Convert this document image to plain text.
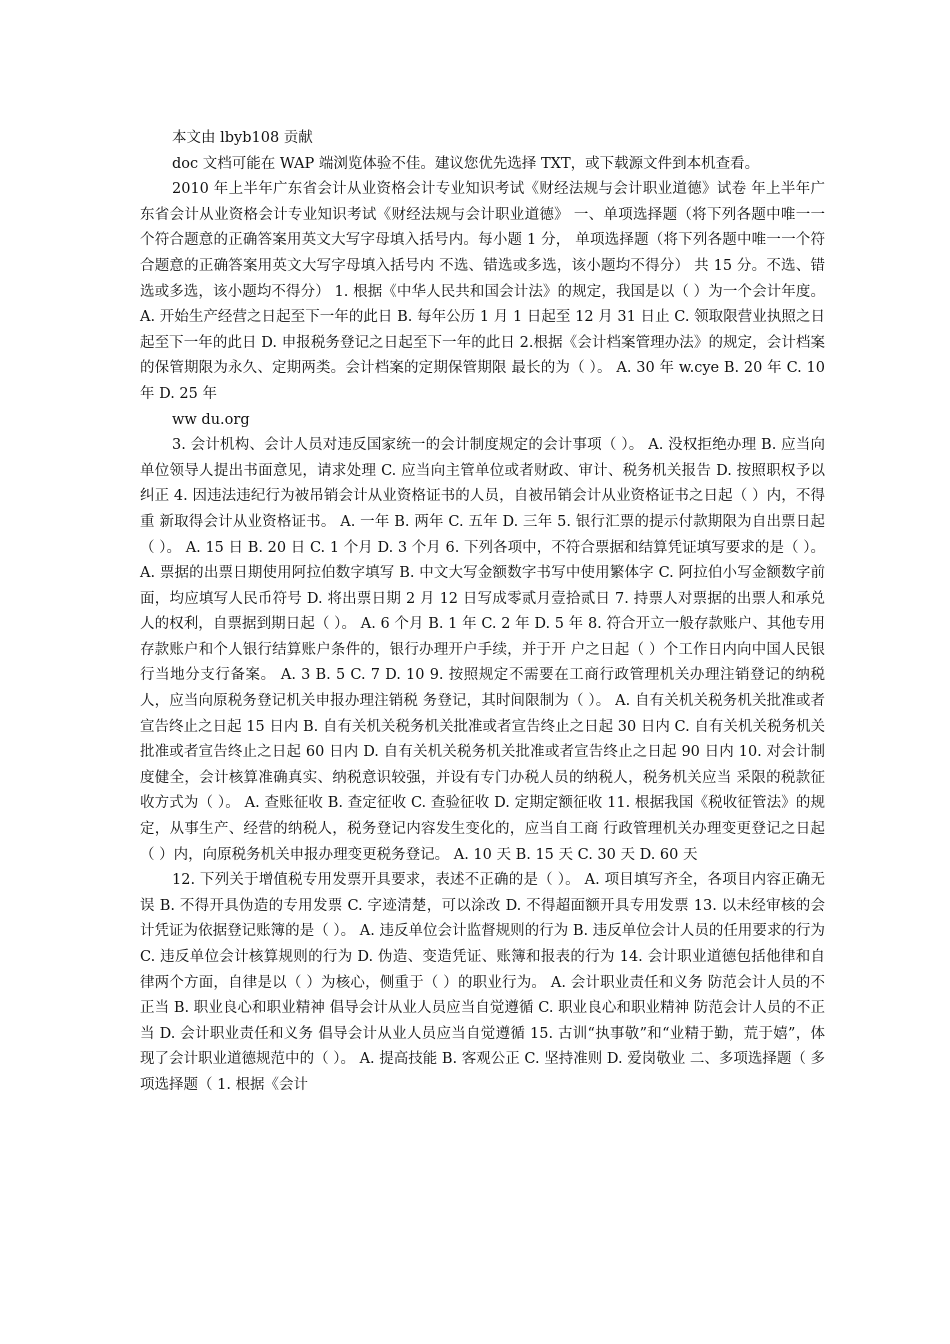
本文由 lbyb108 贡献

doc 文档可能在 WAP 端浏览体验不佳。建议您优先选择 TXT，或下载源文件到本机查看。

2010 年上半年广东省会计从业资格会计专业知识考试《财经法规与会计职业道德》试卷 年上半年广东省会计从业资格会计专业知识考试《财经法规与会计职业道德》 一、单项选择题（将下列各题中唯一一个符合题意的正确答案用英文大写字母填入括号内。每小题 1 分， 单项选择题（将下列各题中唯一一个符合题意的正确答案用英文大写字母填入括号内 不选、错选或多选，该小题均不得分） 共 15 分。不选、错选或多选，该小题均不得分） 1. 根据《中华人民共和国会计法》的规定，我国是以（ ）为一个会计年度。 A. 开始生产经营之日起至下一年的此日 B. 每年公历 1 月 1 日起至 12 月 31 日止 C. 领取限营业执照之日起至下一年的此日 D. 申报税务登记之日起至下一年的此日 2.根据《会计档案管理办法》的规定，会计档案的保管期限为永久、定期两类。会计档案的定期保管期限 最长的为（ ）。 A. 30 年 w.cye B. 20 年 C. 10 年 D. 25 年

ww du.org

3. 会计机构、会计人员对违反国家统一的会计制度规定的会计事项（ ）。 A. 没权拒绝办理 B. 应当向单位领导人提出书面意见，请求处理 C. 应当向主管单位或者财政、审计、税务机关报告 D. 按照职权予以纠正 4. 因违法违纪行为被吊销会计从业资格证书的人员，自被吊销会计从业资格证书之日起（ ）内，不得重 新取得会计从业资格证书。 A. 一年 B. 两年 C. 五年 D. 三年 5. 银行汇票的提示付款期限为自出票日起（ ）。 A. 15 日 B. 20 日 C. 1 个月 D. 3 个月 6. 下列各项中，不符合票据和结算凭证填写要求的是（ ）。 A. 票据的出票日期使用阿拉伯数字填写 B. 中文大写金额数字书写中使用繁体字 C. 阿拉伯小写金额数字前面，均应填写人民币符号 D. 将出票日期 2 月 12 日写成零贰月壹拾贰日 7. 持票人对票据的出票人和承兑人的权利，自票据到期日起（ ）。 A. 6 个月 B. 1 年 C. 2 年 D. 5 年 8. 符合开立一般存款账户、其他专用存款账户和个人银行结算账户条件的，银行办理开户手续，并于开 户之日起（ ）个工作日内向中国人民银行当地分支行备案。 A. 3 B. 5 C. 7 D. 10 9. 按照规定不需要在工商行政管理机关办理注销登记的纳税人，应当向原税务登记机关申报办理注销税 务登记，其时间限制为（ ）。 A. 自有关机关税务机关批准或者宣告终止之日起 15 日内 B. 自有关机关税务机关批准或者宣告终止之日起 30 日内 C. 自有关机关税务机关批准或者宣告终止之日起 60 日内 D. 自有关机关税务机关批准或者宣告终止之日起 90 日内 10. 对会计制度健全，会计核算准确真实、纳税意识较强，并设有专门办税人员的纳税人，税务机关应当 采限的税款征收方式为（ ）。 A. 查账征收 B. 查定征收 C. 查验征收 D. 定期定额征收 11. 根据我国《税收征管法》的规定，从事生产、经营的纳税人，税务登记内容发生变化的，应当自工商 行政管理机关办理变更登记之日起（ ）内，向原税务机关申报办理变更税务登记。 A. 10 天 B. 15 天 C. 30 天 D. 60 天

12. 下列关于增值税专用发票开具要求，表述不正确的是（ ）。 A. 项目填写齐全，各项目内容正确无误 B. 不得开具伪造的专用发票 C. 字迹清楚，可以涂改 D. 不得超面额开具专用发票 13. 以未经审核的会计凭证为依据登记账簿的是（ ）。 A. 违反单位会计监督规则的行为 B. 违反单位会计人员的任用要求的行为 C. 违反单位会计核算规则的行为 D. 伪造、变造凭证、账簿和报表的行为 14. 会计职业道德包括他律和自律两个方面，自律是以（ ）为核心，侧重于（ ）的职业行为。 A. 会计职业责任和义务 防范会计人员的不正当 B. 职业良心和职业精神 倡导会计从业人员应当自觉遵循 C. 职业良心和职业精神 防范会计人员的不正当 D. 会计职业责任和义务 倡导会计从业人员应当自觉遵循 15. 古训“执事敬”和“业精于勤，荒于嬉”，体现了会计职业道德规范中的（ ）。 A. 提高技能 B. 客观公正 C. 坚持准则 D. 爱岗敬业 二、多项选择题（ 多项选择题（ 1. 根据《会计
